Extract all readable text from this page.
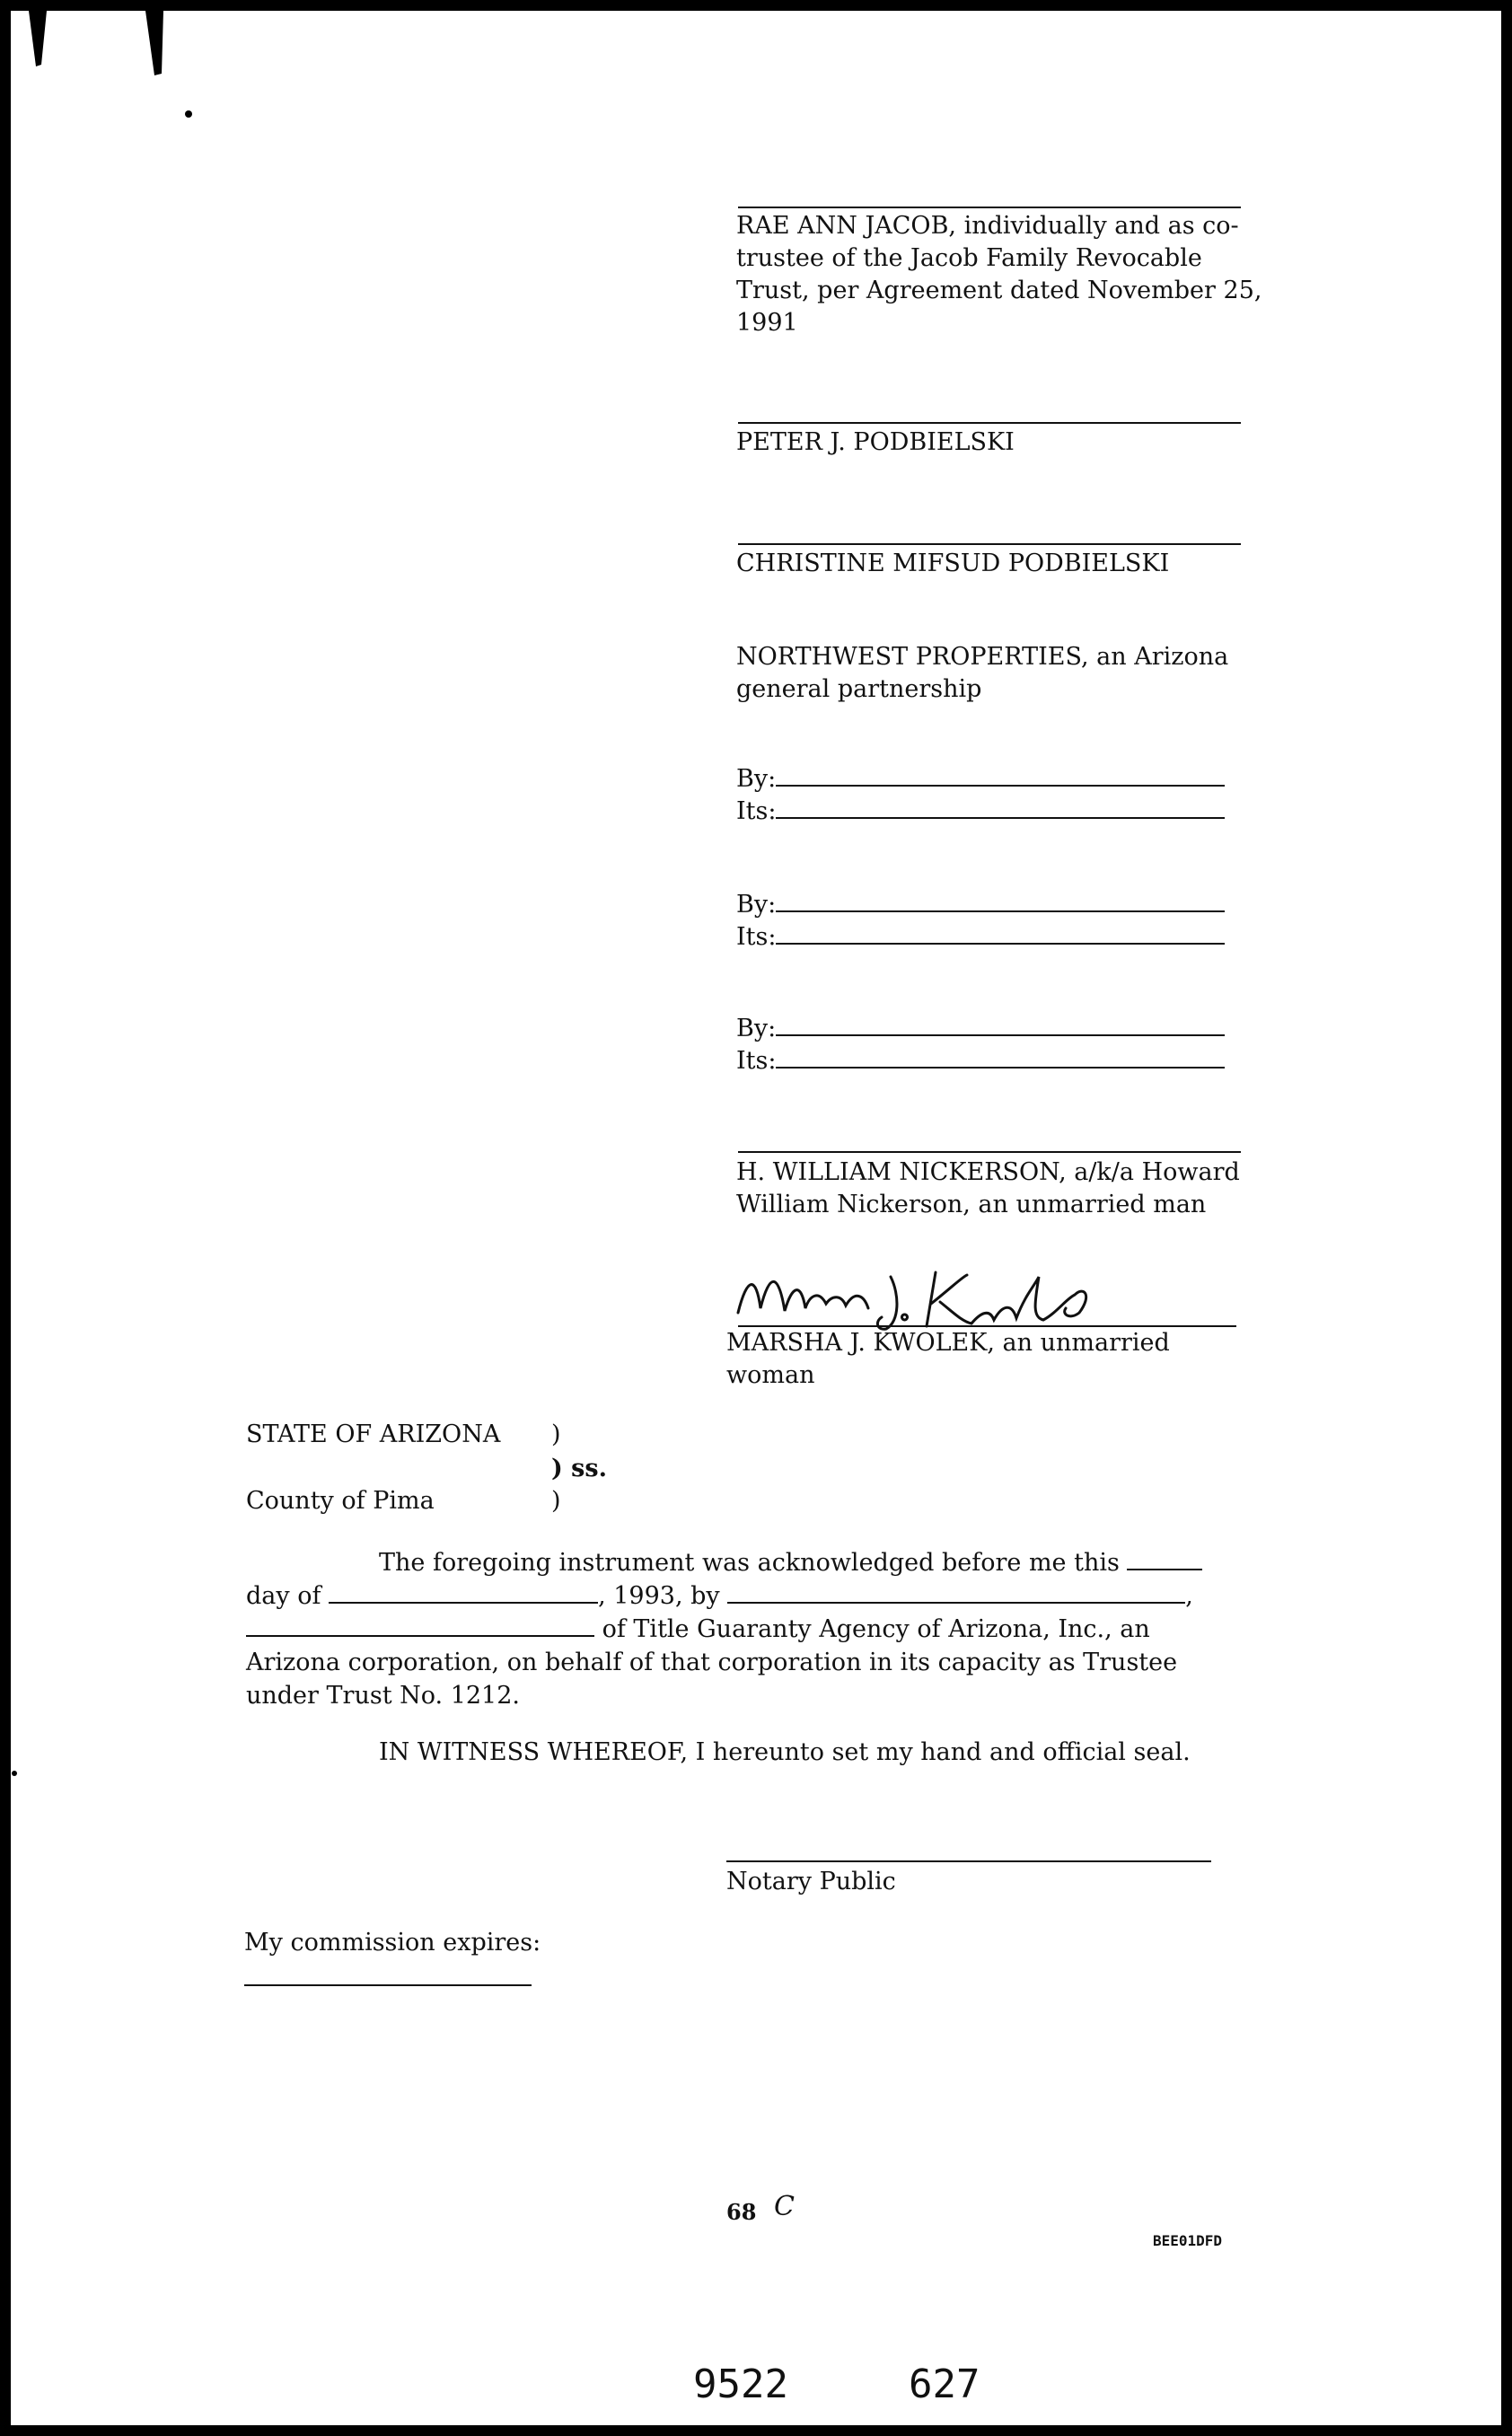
RAE ANN JACOB, individually and as co-
trustee of the Jacob Family Revocable
Trust, per Agreement dated November 25,
1991
PETER J. PODBIELSKI
CHRISTINE MIFSUD PODBIELSKI
NORTHWEST PROPERTIES, an Arizona
general partnership
By:
Its:
By:
Its:
By:
Its:
H. WILLIAM NICKERSON, a/k/a Howard
William Nickerson, an unmarried man
MARSHA J. KWOLEK, an unmarried
woman
STATE OF ARIZONA )
) ss.
County of Pima	)
The foregoing instrument was acknowledged before me this
day of	, 1993, by	,
of Title Guaranty Agency of Arizona, Inc., an
Arizona corporation, on behalf of that corporation in its capacity as Trustee
under Trust No. 1212.
IN WITNESS WHEREOF, I hereunto set my hand and official seal.
Notary Public
My commission expires:
68 C
BEE01DFD
9522	627
